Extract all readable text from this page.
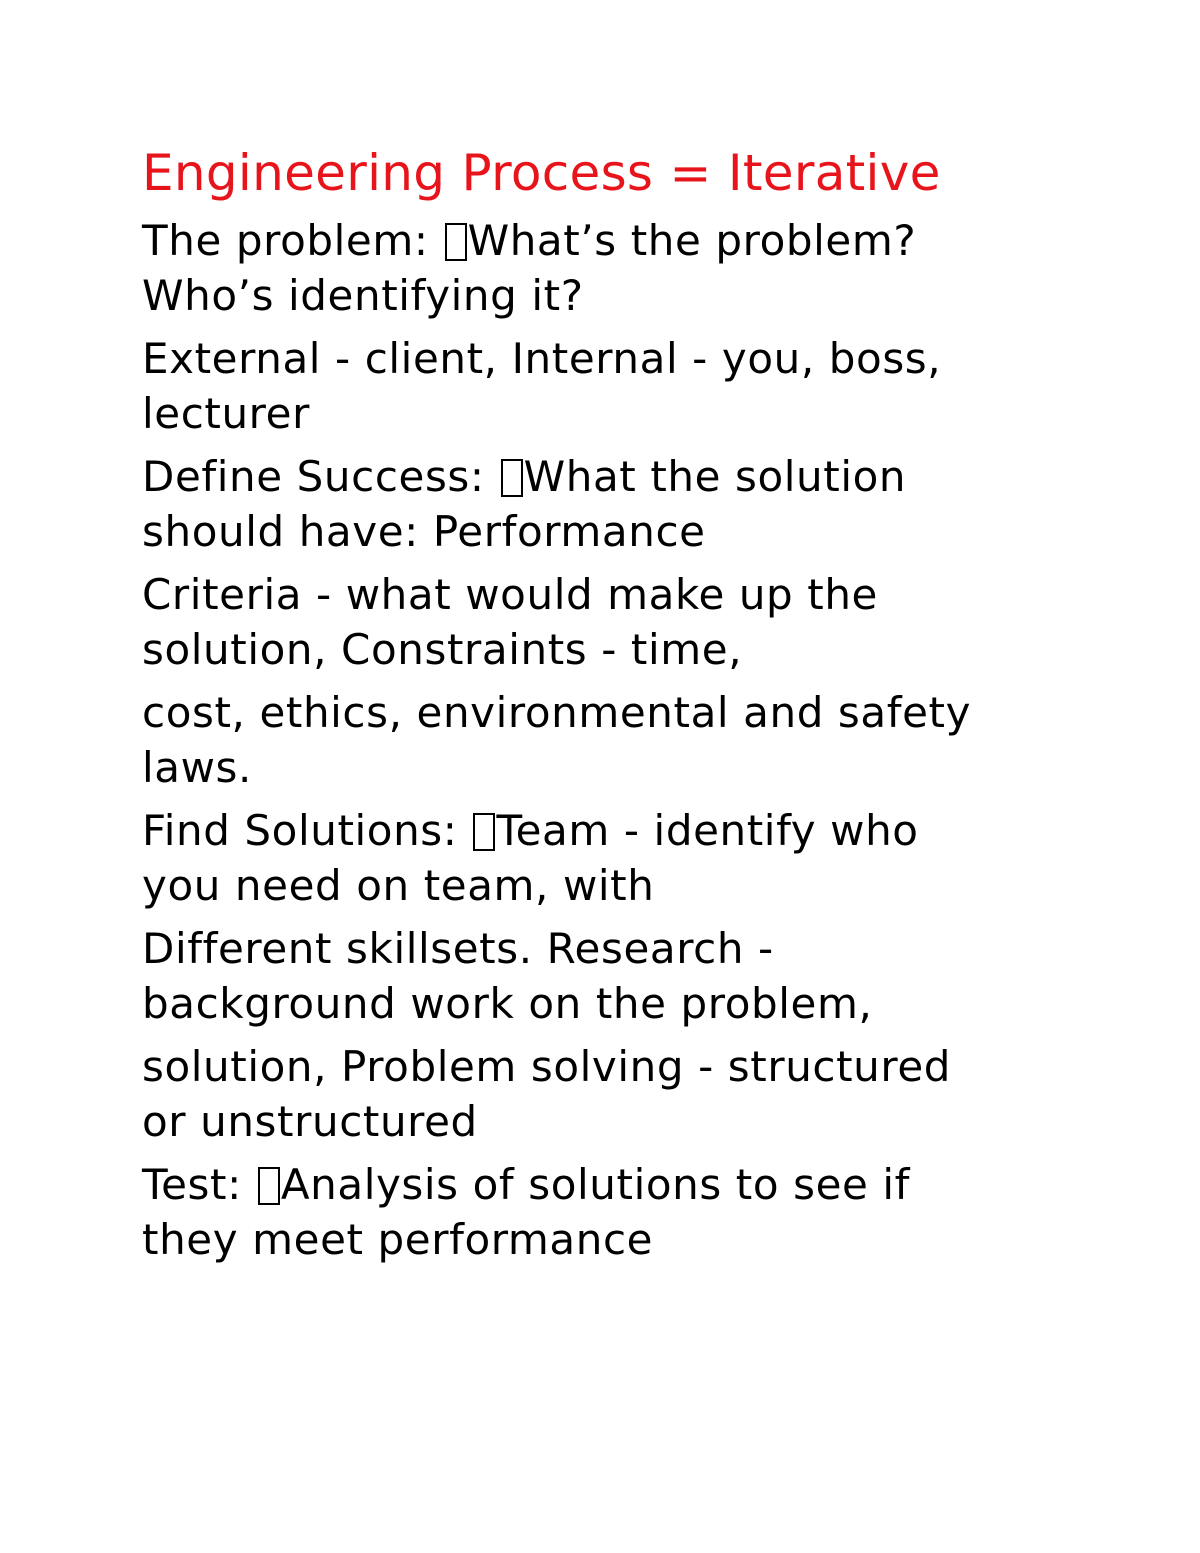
Engineering Process = Iterative

The problem: What’s the problem?
Who’s identifying it?

External - client, Internal - you, boss,
lecturer

Define Success: What the solution
should have: Performance

Criteria - what would make up the
solution, Constraints - time,

cost, ethics, environmental and safety
laws.

Find Solutions: Team - identify who
you need on team, with

Different skillsets. Research -
background work on the problem,

solution, Problem solving - structured
or unstructured

Test: Analysis of solutions to see if
they meet performance
